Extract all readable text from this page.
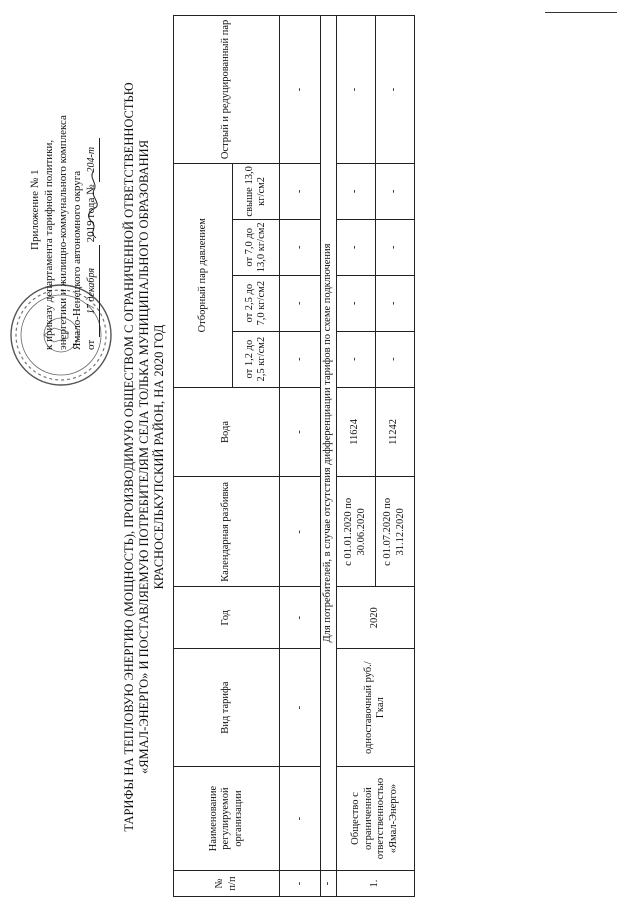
Приложение № 1 к приказу департамента тарифной политики, энергетики и жилищно-коммунального комплекса Ямало-Ненецкого автономного округа от 17 декабря 2019 года № 204-т ТАРИФЫ НА ТЕПЛОВУЮ ЭНЕРГИЮ (МОЩНОСТЬ), ПРОИЗВОДИМУЮ ОБЩЕСТВОМ С ОГРАНИЧЕННОЙ ОТВЕТСТВЕННОСТЬЮ «ЯМАЛ-ЭНЕРГО» И ПОСТАВЛЯЕМУЮ ПОТРЕБИТЕЛЯМ СЕЛА ТОЛЬКА МУНИЦИПАЛЬНОГО ОБРАЗОВАНИЯ КРАСНОСЕЛЬКУПСКИЙ РАЙОН, НА 2020 ГОД
№ п/п	Наименование регулируемой организации	Вид тарифа	Год	Календарная разбивка	Вода	Отборный пар давлением				Острый и редуцированный пар
						от 1,2 до 2,5 кг/см2	от 2,5 до 7,0 кг/см2	от 7,0 до 13,0 кг/см2	свыше 13,0 кг/см2	
-	-	-	-	-	-	-	-	-	-	-
-	Для потребителей, в случае отсутствия дифференциации тарифов по схеме подключения									
1.	Общество с ограниченной ответственностью «Ямал-Энерго»	одноставочный руб./Гкал	2020	с 01.01.2020 по 30.06.2020	11624	-	-	-	-	-
				с 01.07.2020 по 31.12.2020	11242	-	-	-	-	-
